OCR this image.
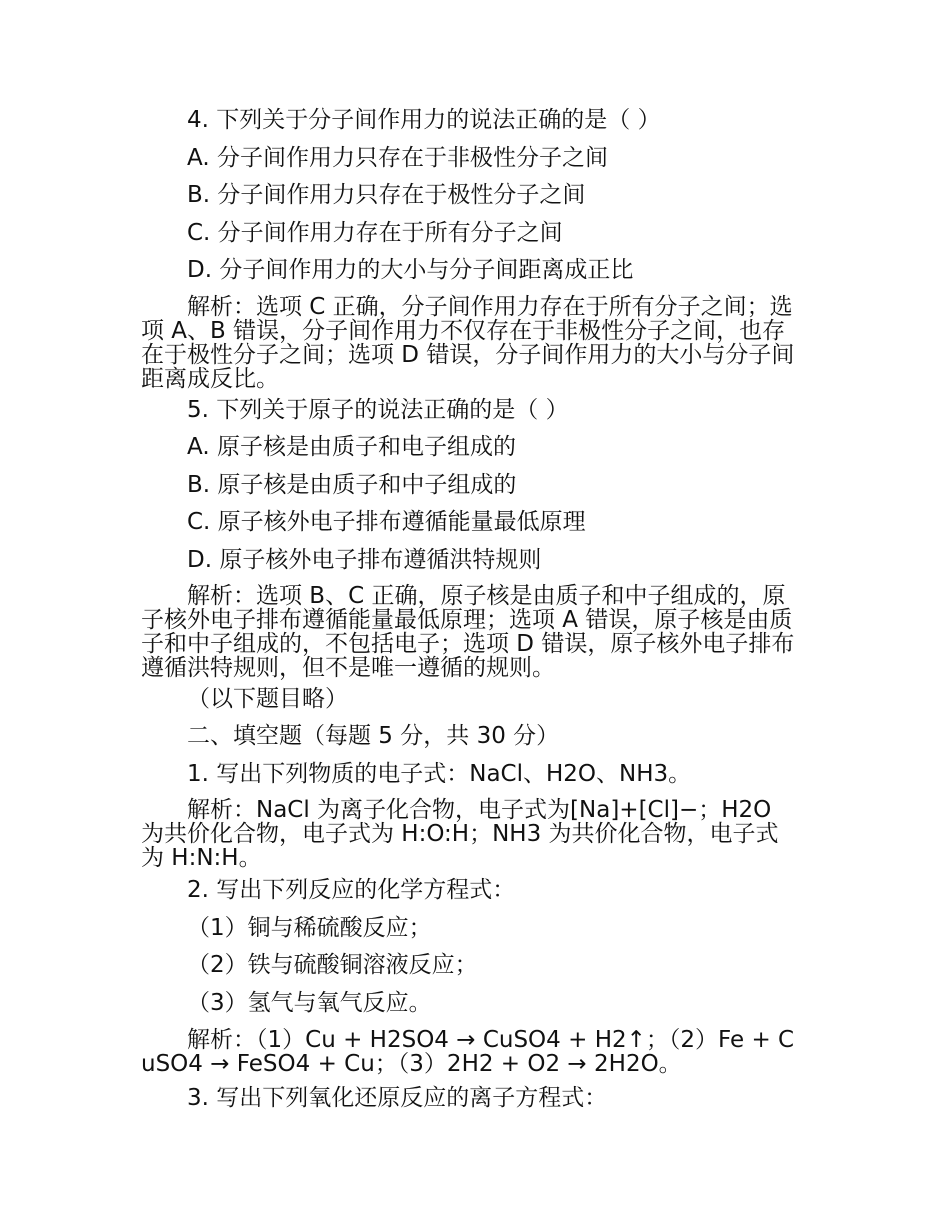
4. 下列关于分子间作用力的说法正确的是（ ）
A. 分子间作用力只存在于非极性分子之间
B. 分子间作用力只存在于极性分子之间
C. 分子间作用力存在于所有分子之间
D. 分子间作用力的大小与分子间距离成正比
解析：选项 C 正确，分子间作用力存在于所有分子之间；选项 A、B 错误，分子间作用力不仅存在于非极性分子之间，也存在于极性分子之间；选项 D 错误，分子间作用力的大小与分子间距离成反比。
5. 下列关于原子的说法正确的是（ ）
A. 原子核是由质子和电子组成的
B. 原子核是由质子和中子组成的
C. 原子核外电子排布遵循能量最低原理
D. 原子核外电子排布遵循洪特规则
解析：选项 B、C 正确，原子核是由质子和中子组成的，原子核外电子排布遵循能量最低原理；选项 A 错误，原子核是由质子和中子组成的，不包括电子；选项 D 错误，原子核外电子排布遵循洪特规则，但不是唯一遵循的规则。
（以下题目略）
二、填空题（每题 5 分，共 30 分）
1. 写出下列物质的电子式：NaCl、H2O、NH3。
解析：NaCl 为离子化合物，电子式为[Na]+[Cl]−；H2O 为共价化合物，电子式为 H:O:H；NH3 为共价化合物，电子式为 H:N:H。
2. 写出下列反应的化学方程式：
（1）铜与稀硫酸反应；
（2）铁与硫酸铜溶液反应；
（3）氢气与氧气反应。
解析：（1）Cu + H2SO4 → CuSO4 + H2↑；（2）Fe + CuSO4 → FeSO4 + Cu；（3）2H2 + O2 → 2H2O。
3. 写出下列氧化还原反应的离子方程式：
